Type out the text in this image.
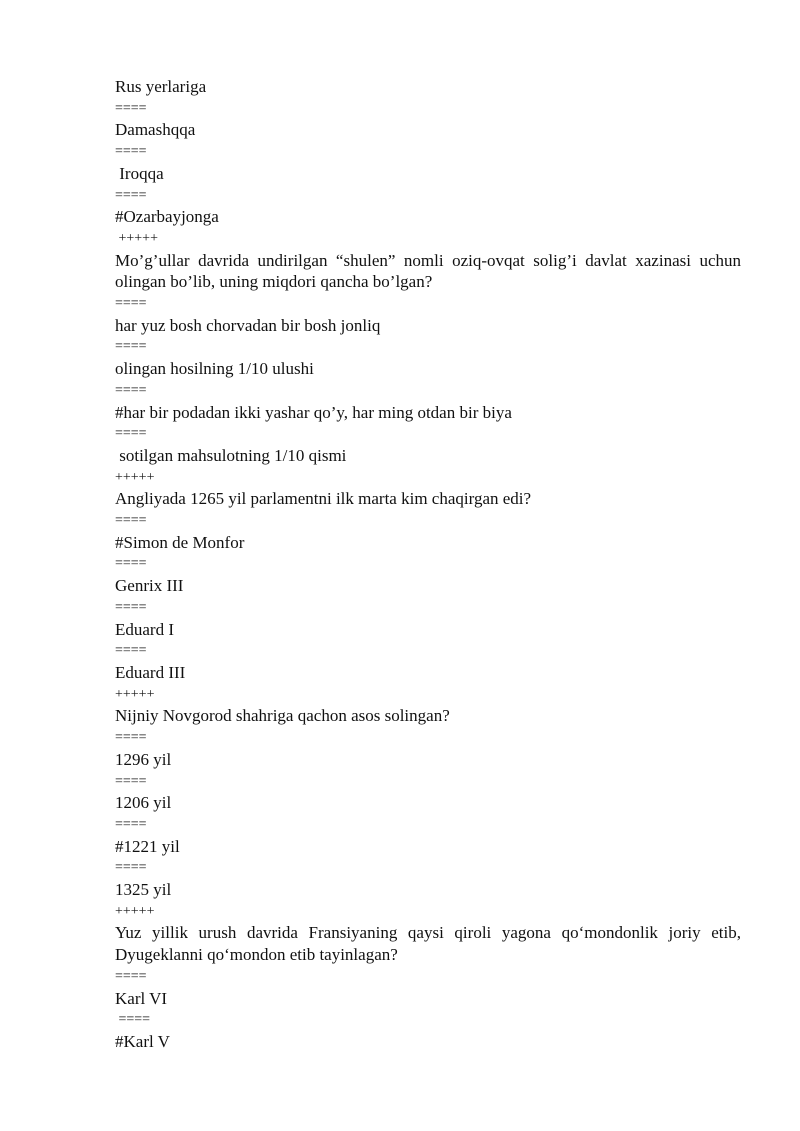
Rus yerlariga
====
Damashqqa
====
Iroqqa
====
#Ozarbayjonga
+++++
Mo’g’ullar davrida undirilgan “shulen” nomli oziq-ovqat solig’i davlat xazinasi uchun olingan bo’lib, uning miqdori qancha bo’lgan?
====
har yuz bosh chorvadan bir bosh jonliq
====
olingan hosilning 1/10 ulushi
====
#har bir podadan ikki yashar qo’y, har ming otdan bir biya
====
sotilgan mahsulotning 1/10 qismi
+++++
Angliyada 1265 yil parlamentni ilk marta kim chaqirgan edi?
====
#Simon de Monfor
====
Genrix III
====
Eduard I
====
Eduard III
+++++
Nijniy Novgorod shahriga qachon asos solingan?
====
1296 yil
====
1206 yil
====
#1221 yil
====
1325 yil
+++++
Yuz yillik urush davrida Fransiyaning qaysi qiroli yagona qo‘mondonlik joriy etib, Dyugeklanni qo‘mondon etib tayinlagan?
====
Karl VI
====
#Karl V
